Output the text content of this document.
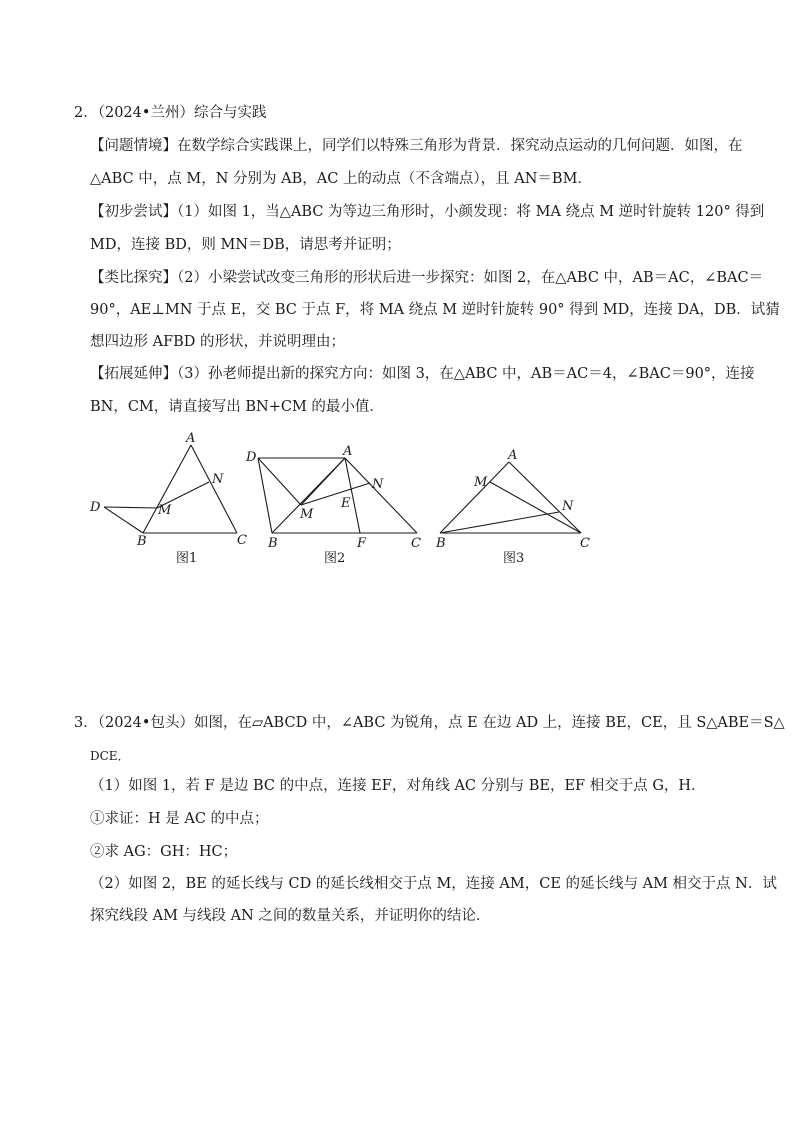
2．（2024•兰州）综合与实践
【问题情境】在数学综合实践课上，同学们以特殊三角形为背景．探究动点运动的几何问题．如图，在
△ABC 中，点 M，N 分别为 AB，AC 上的动点（不含端点），且 AN＝BM．
【初步尝试】（1）如图 1，当△ABC 为等边三角形时，小颜发现：将 MA 绕点 M 逆时针旋转 120° 得到
MD，连接 BD，则 MN＝DB，请思考并证明；
【类比探究】（2）小梁尝试改变三角形的形状后进一步探究：如图 2，在△ABC 中，AB＝AC，∠BAC＝
90°，AE⊥MN 于点 E，交 BC 于点 F，将 MA 绕点 M 逆时针旋转 90° 得到 MD，连接 DA，DB．试猜
想四边形 AFBD 的形状，并说明理由；
【拓展延伸】（3）孙老师提出新的探究方向：如图 3，在△ABC 中，AB＝AC＝4，∠BAC＝90°，连接
BN，CM，请直接写出 BN+CM 的最小值．
A
N
D	M
B	C
图1
D	A
N
E
M
B	F	C
图2
A
M
N
B	C
图3
3．（2024•包头）如图，在▱ABCD 中，∠ABC 为锐角，点 E 在边 AD 上，连接 BE，CE，且 S△ABE＝S△
DCE．
（1）如图 1，若 F 是边 BC 的中点，连接 EF，对角线 AC 分别与 BE，EF 相交于点 G，H．
①求证：H 是 AC 的中点；
②求 AG：GH：HC；
（2）如图 2，BE 的延长线与 CD 的延长线相交于点 M，连接 AM，CE 的延长线与 AM 相交于点 N．试
探究线段 AM 与线段 AN 之间的数量关系，并证明你的结论．
